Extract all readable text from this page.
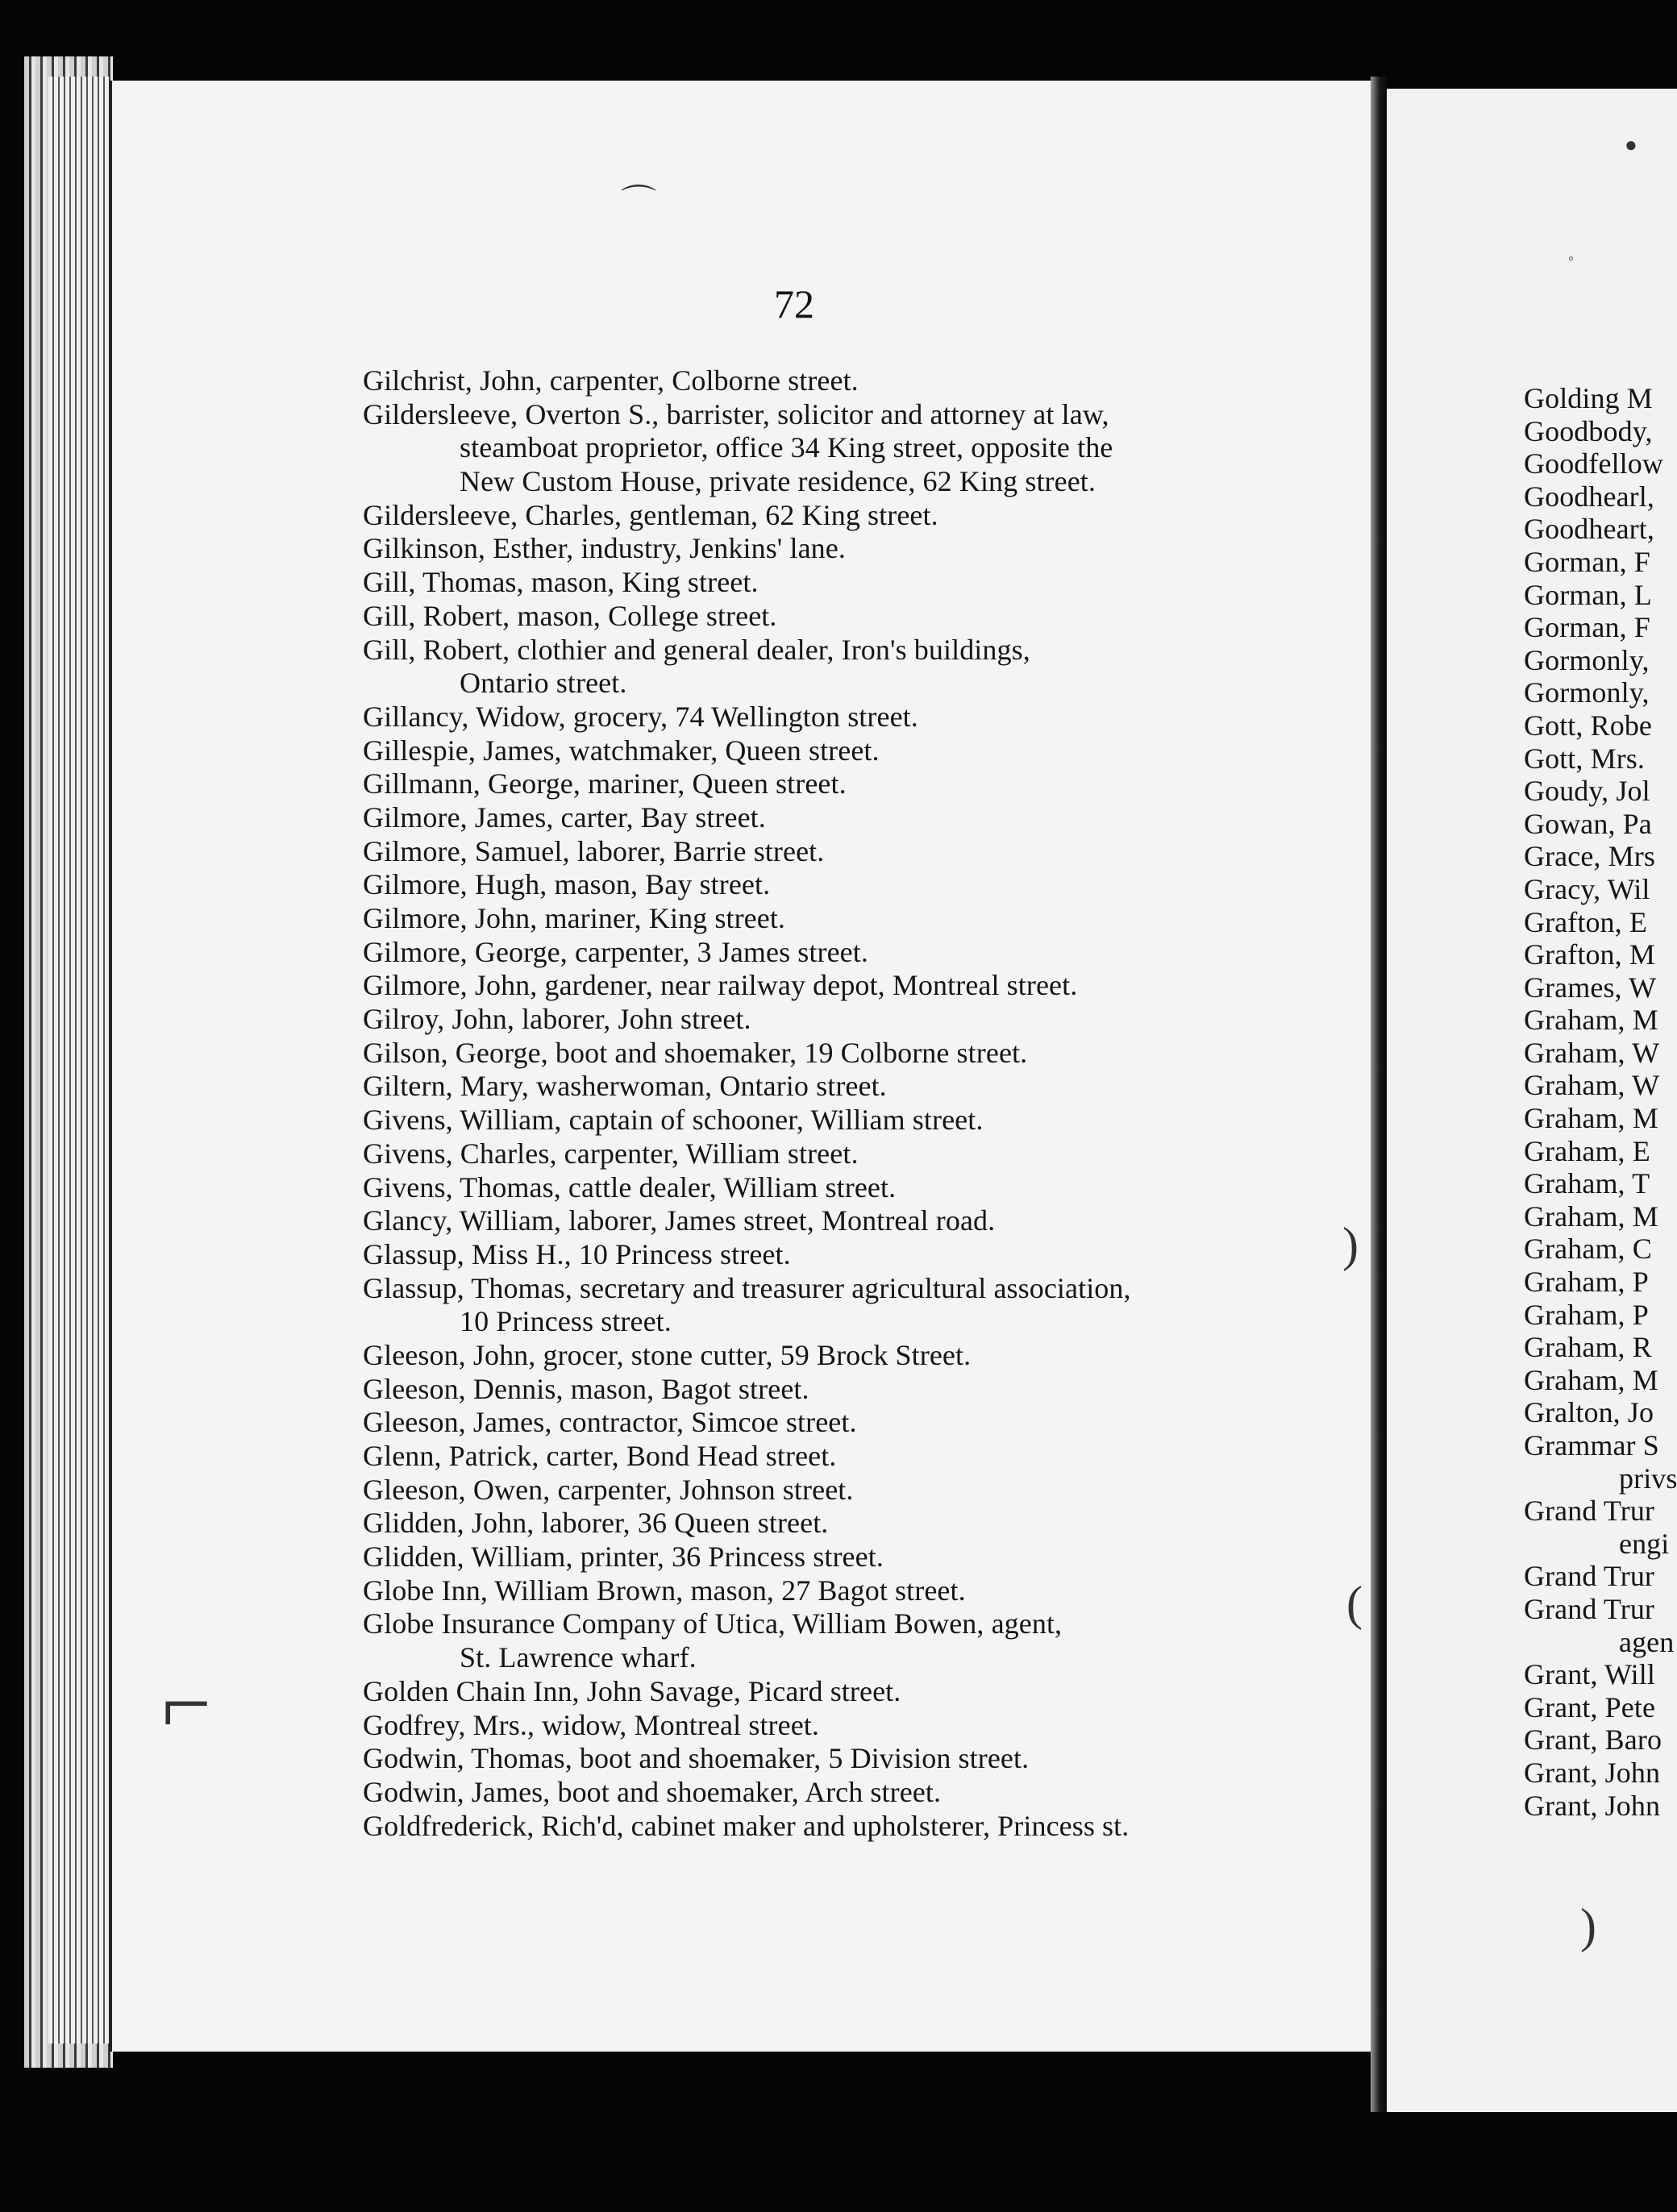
72
Gilchrist, John, carpenter, Colborne street.
Gildersleeve, Overton S., barrister, solicitor and attorney at law,
steamboat proprietor, office 34 King street, opposite the
New Custom House, private residence, 62 King street.
Gildersleeve, Charles, gentleman, 62 King street.
Gilkinson, Esther, industry, Jenkins' lane.
Gill, Thomas, mason, King street.
Gill, Robert, mason, College street.
Gill, Robert, clothier and general dealer, Iron's buildings,
Ontario street.
Gillancy, Widow, grocery, 74 Wellington street.
Gillespie, James, watchmaker, Queen street.
Gillmann, George, mariner, Queen street.
Gilmore, James, carter, Bay street.
Gilmore, Samuel, laborer, Barrie street.
Gilmore, Hugh, mason, Bay street.
Gilmore, John, mariner, King street.
Gilmore, George, carpenter, 3 James street.
Gilmore, John, gardener, near railway depot, Montreal street.
Gilroy, John, laborer, John street.
Gilson, George, boot and shoemaker, 19 Colborne street.
Giltern, Mary, washerwoman, Ontario street.
Givens, William, captain of schooner, William street.
Givens, Charles, carpenter, William street.
Givens, Thomas, cattle dealer, William street.
Glancy, William, laborer, James street, Montreal road.
Glassup, Miss H., 10 Princess street.
Glassup, Thomas, secretary and treasurer agricultural association,
10 Princess street.
Gleeson, John, grocer, stone cutter, 59 Brock Street.
Gleeson, Dennis, mason, Bagot street.
Gleeson, James, contractor, Simcoe street.
Glenn, Patrick, carter, Bond Head street.
Gleeson, Owen, carpenter, Johnson street.
Glidden, John, laborer, 36 Queen street.
Glidden, William, printer, 36 Princess street.
Globe Inn, William Brown, mason, 27 Bagot street.
Globe Insurance Company of Utica, William Bowen, agent,
St. Lawrence wharf.
Golden Chain Inn, John Savage, Picard street.
Godfrey, Mrs., widow, Montreal street.
Godwin, Thomas, boot and shoemaker, 5 Division street.
Godwin, James, boot and shoemaker, Arch street.
Goldfrederick, Rich'd, cabinet maker and upholsterer, Princess st.
Golding M
Goodbody,
Goodfellow
Goodhearl,
Goodheart,
Gorman, F
Gorman, L
Gorman, F
Gormonly,
Gormonly,
Gott, Robe
Gott, Mrs.
Goudy, Jol
Gowan, Pa
Grace, Mrs
Gracy, Wil
Grafton, E
Grafton, M
Grames, W
Graham, M
Graham, W
Graham, W
Graham, M
Graham, E
Graham, T
Graham, M
Graham, C
Graham, P
Graham, P
Graham, R
Graham, M
Gralton, Jo
Grammar S
privs
Grand Trur
engi
Grand Trur
Grand Trur
agen
Grant, Will
Grant, Pete
Grant, Baro
Grant, John
Grant, John
⌒
●
◦
)
(
⌐
)
